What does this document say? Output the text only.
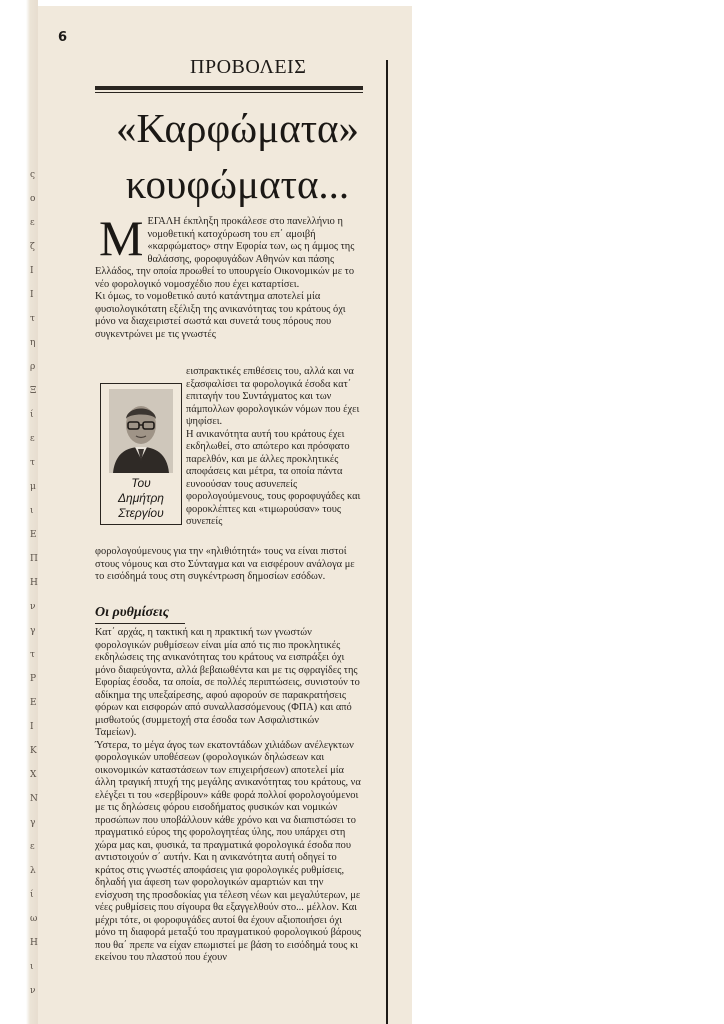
ς
ο
ε
ζ
Ι
Ι
τ
η
ρ
Ξ
ί
ε
τ
μ
ι
E
Π
Η
ν
γ
τ
P
E
Ι
Κ
Χ
Ν
γ
ε
λ
ί
ω
Η
ι
ν
6
ΠΡΟΒΟΛΕΙΣ
«Καρφώματα»
κουφώματα...
Μ ΕΓΑΛΗ έκπληξη προκάλεσε στο πανελλήνιο η νομοθετική κατοχύρωση του επ΄ αμοιβή «καρφώματος» στην Εφορία των, ως η άμμος της θαλάσσης, φοροφυγάδων Αθηνών και πάσης Ελλάδος, την οποία προωθεί το υπουργείο Οικονομικών με το νέο φορολογικό νομοσχέδιο που έχει καταρτίσει.

Κι όμως, το νομοθετικό αυτό κατάντημα αποτελεί μία φυσιολογικότατη εξέλιξη της ανικανότητας του κράτους όχι μόνο να διαχειριστεί σωστά και συνετά τους πόρους που συγκεντρώνει με τις γνωστές

Του
Δημήτρη
Στεργίου

εισπρακτικές επιθέσεις του, αλλά και να εξασφαλίσει τα φορολογικά έσοδα κατ΄ επιταγήν του Συντάγματος και των πάμπολλων φορολογικών νόμων που έχει ψηφίσει.

Η ανικανότητα αυτή του κράτους έχει εκδηλωθεί, στο απώτερο και πρόσφατο παρελθόν, και με άλλες προκλητικές αποφάσεις και μέτρα, τα οποία πάντα ευνοούσαν τους ασυνεπείς φορολογούμενους, τους φοροφυγάδες και φοροκλέπτες και «τιμωρούσαν» τους συνεπείς

φορολογούμενους για την «ηλιθιότητά» τους να είναι πιστοί στους νόμους και στο Σύνταγμα και να εισφέρουν ανάλογα με το εισόδημά τους στη συγκέντρωση δημοσίων εσόδων.

Οι ρυθμίσεις

Κατ΄ αρχάς, η τακτική και η πρακτική των γνωστών φορολογικών ρυθμίσεων είναι μία από τις πιο προκλητικές εκδηλώσεις της ανικανότητας του κράτους να εισπράξει όχι μόνο διαφεύγοντα, αλλά βεβαιωθέντα και με τις σφραγίδες της Εφορίας έσοδα, τα οποία, σε πολλές περιπτώσεις, συνιστούν το αδίκημα της υπεξαίρεσης, αφού αφορούν σε παρακρατήσεις φόρων και εισφορών από συναλλασσόμενους (ΦΠΑ) και από μισθωτούς (συμμετοχή στα έσοδα των Ασφαλιστικών Ταμείων).

Ύστερα, το μέγα άγος των εκατοντάδων χιλιάδων ανέλεγκτων φορολογικών υποθέσεων (φορολογικών δηλώσεων και οικονομικών καταστάσεων των επιχειρήσεων) αποτελεί μία άλλη τραγική πτυχή της μεγάλης ανικανότητας του κράτους, να ελέγξει τι του «σερβίρουν» κάθε φορά πολλοί φορολογούμενοι με τις δηλώσεις φόρου εισοδήματος φυσικών και νομικών προσώπων που υποβάλλουν κάθε χρόνο και να διαπιστώσει το πραγματικό εύρος της φορολογητέας ύλης, που υπάρχει στη χώρα μας και, φυσικά, τα πραγματικά φορολογικά έσοδα που αντιστοιχούν σ΄ αυτήν. Και η ανικανότητα αυτή οδηγεί το κράτος στις γνωστές αποφάσεις για φορολογικές ρυθμίσεις, δηλαδή για άφεση των φορολογικών αμαρτιών και την ενίσχυση της προσδοκίας για τέλεση νέων και μεγαλύτερων, με νέες ρυθμίσεις που σίγουρα θα εξαγγελθούν στο... μέλλον. Και μέχρι τότε, οι φοροφυγάδες αυτοί θα έχουν αξιοποιήσει όχι μόνο τη διαφορά μεταξύ του πραγματικού φορολογικού βάρους που θα΄ πρεπε να είχαν επωμιστεί με βάση το εισόδημά τους κι εκείνου του πλαστού που έχουν
